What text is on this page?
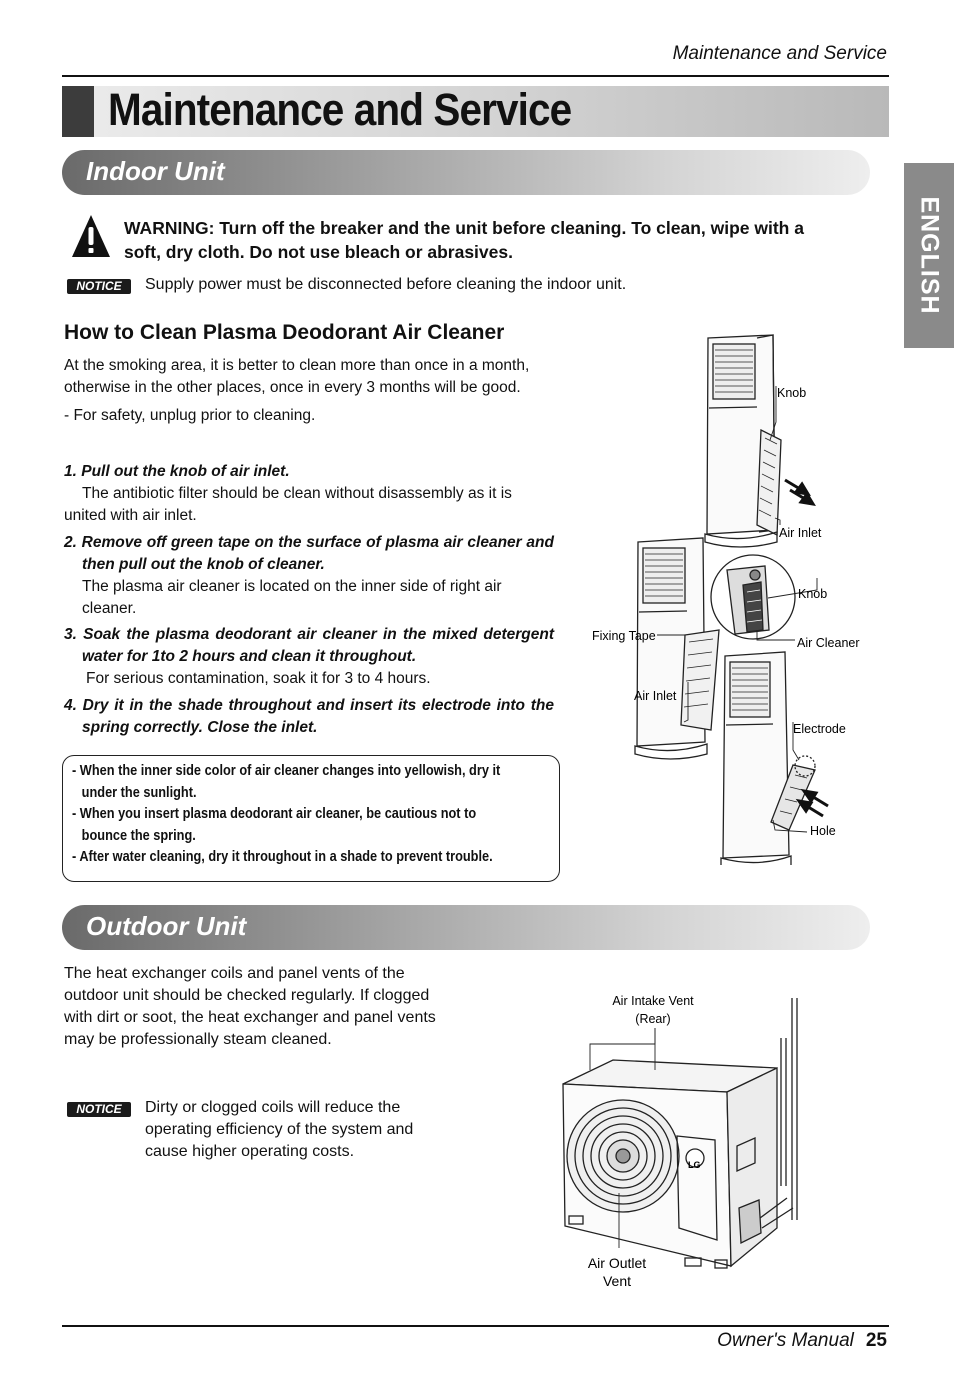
Maintenance and Service
Maintenance and Service
ENGLISH
Indoor Unit
WARNING: Turn off the breaker and the unit before cleaning. To clean, wipe with a soft, dry cloth. Do not use bleach or abrasives.
NOTICE	Supply power must be disconnected before cleaning the indoor unit.
How to Clean Plasma Deodorant Air Cleaner
At the smoking area, it is better to clean more than once in a month, otherwise in the other places, once in every 3 months will be good.
- For safety, unplug prior to cleaning.
1. Pull out the knob of air inlet.
The antibiotic filter should be clean without disassembly as it is united with air inlet.
2. Remove off green tape on the surface of plasma air cleaner and then pull out the knob of cleaner.
The plasma air cleaner is located on the inner side of right air cleaner.
3. Soak the plasma deodorant air cleaner in the mixed detergent water for 1to 2 hours and clean it throughout.
For serious contamination, soak it for 3 to 4 hours.
4. Dry it in the shade throughout and insert its electrode into the spring correctly. Close the inlet.
- When the inner side color of air cleaner changes into yellowish, dry it
under the sunlight.
- When you insert plasma deodorant air cleaner, be cautious not to
bounce the spring.
- After water cleaning, dry it throughout in a shade to prevent trouble.
Knob
Air Inlet
Knob
Fixing Tape	Air Cleaner
Air Inlet
Electrode
Hole
Outdoor Unit
The heat exchanger coils and panel vents of the outdoor unit should be checked regularly. If clogged with dirt or soot, the heat exchanger and panel vents may be professionally steam cleaned.
NOTICE	Dirty or clogged coils will reduce the operating efficiency of the system and cause higher operating costs.
LG
Air Intake Vent
(Rear)
Air Outlet
Vent
Owner's Manual 25
